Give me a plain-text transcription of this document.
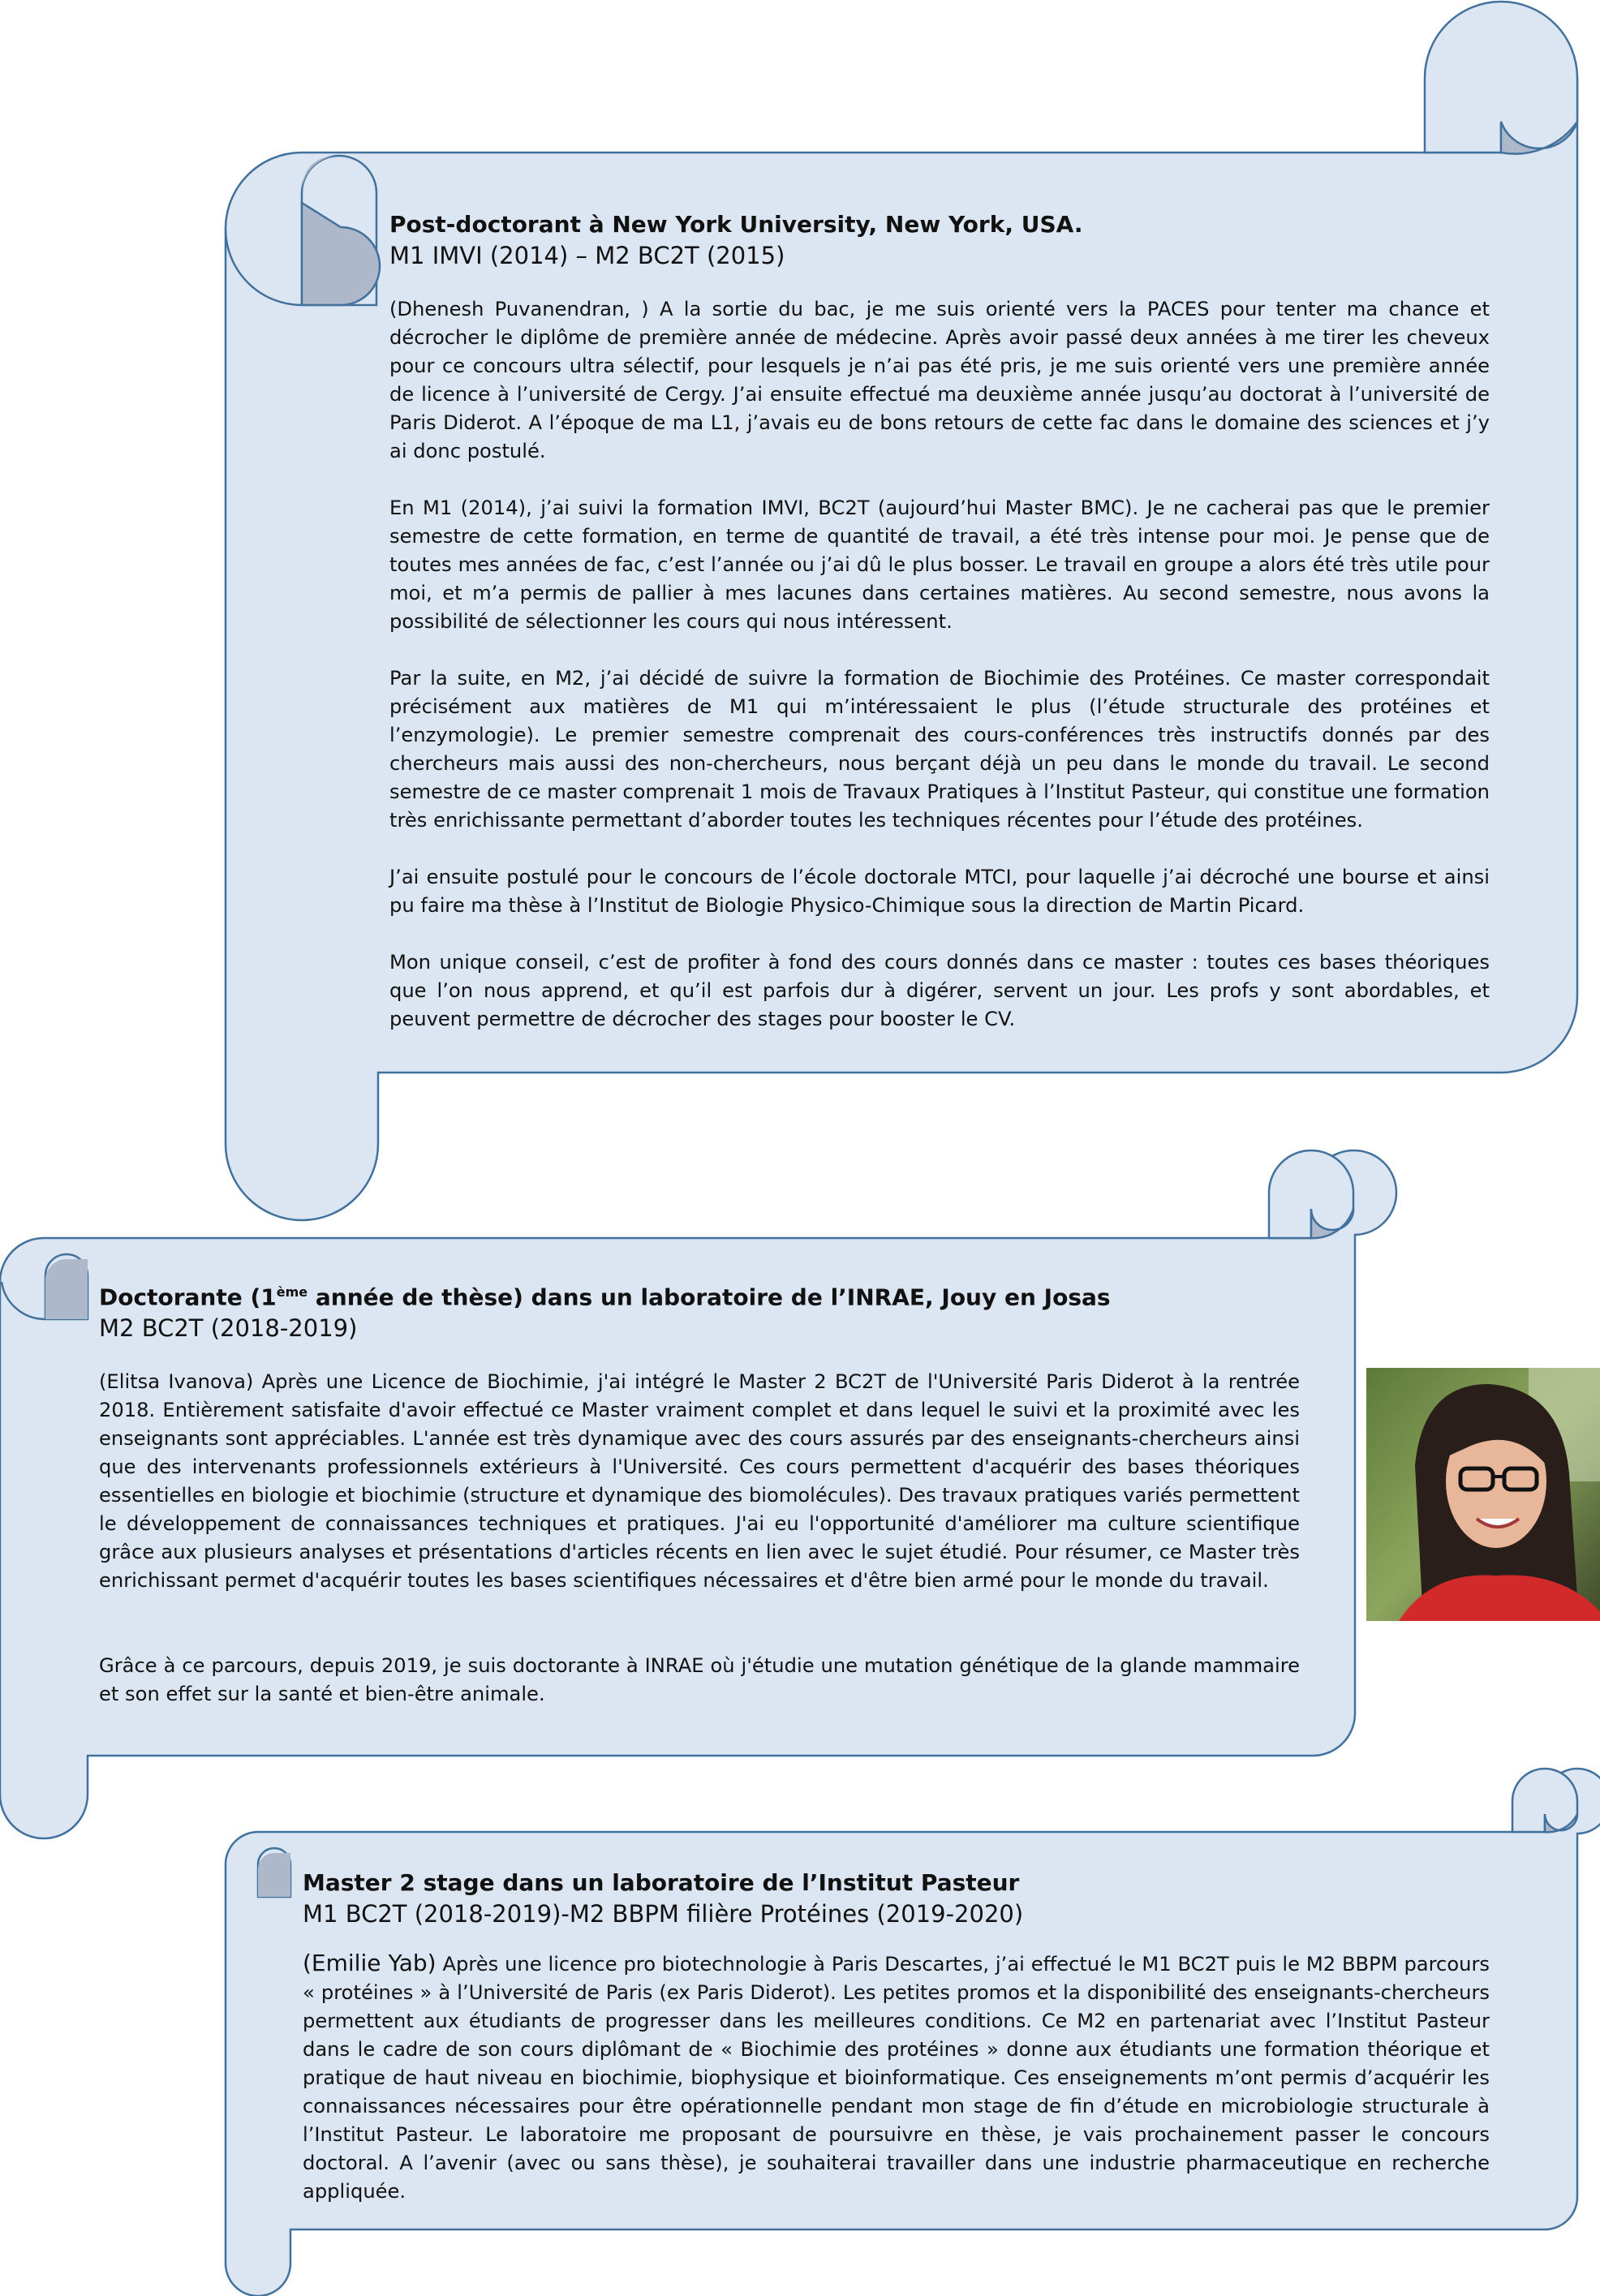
Post-doctorant à New York University, New York, USA.

M1 IMVI (2014) – M2 BC2T (2015)

(Dhenesh Puvanendran, ) A la sortie du bac, je me suis orienté vers la PACES pour tenter ma chance et décrocher le diplôme de première année de médecine. Après avoir passé deux années à me tirer les cheveux pour ce concours ultra sélectif, pour lesquels je n’ai pas été pris, je me suis orienté vers une première année de licence à l’université de Cergy. J’ai ensuite effectué ma deuxième année jusqu’au doctorat à l’université de Paris Diderot. A l’époque de ma L1, j’avais eu de bons retours de cette fac dans le domaine des sciences et j’y ai donc postulé.

En M1 (2014), j’ai suivi la formation IMVI, BC2T (aujourd’hui Master BMC). Je ne cacherai pas que le premier semestre de cette formation, en terme de quantité de travail, a été très intense pour moi. Je pense que de toutes mes années de fac, c’est l’année ou j’ai dû le plus bosser. Le travail en groupe a alors été très utile pour moi, et m’a permis de pallier à mes lacunes dans certaines matières. Au second semestre, nous avons la possibilité de sélectionner les cours qui nous intéressent.

Par la suite, en M2, j’ai décidé de suivre la formation de Biochimie des Protéines. Ce master correspondait précisément aux matières de M1 qui m’intéressaient le plus (l’étude structurale des protéines et l’enzymologie). Le premier semestre comprenait des cours-conférences très instructifs donnés par des chercheurs mais aussi des non-chercheurs, nous berçant déjà un peu dans le monde du travail. Le second semestre de ce master comprenait 1 mois de Travaux Pratiques à l’Institut Pasteur, qui constitue une formation très enrichissante permettant d’aborder toutes les techniques récentes pour l’étude des protéines.

J’ai ensuite postulé pour le concours de l’école doctorale MTCI, pour laquelle j’ai décroché une bourse et ainsi pu faire ma thèse à l’Institut de Biologie Physico-Chimique sous la direction de Martin Picard.

Mon unique conseil, c’est de profiter à fond des cours donnés dans ce master : toutes ces bases théoriques que l’on nous apprend, et qu’il est parfois dur à digérer, servent un jour. Les profs y sont abordables, et peuvent permettre de décrocher des stages pour booster le CV.

Doctorante (1ème année de thèse) dans un laboratoire de l’INRAE, Jouy en Josas

M2 BC2T (2018-2019)

(Elitsa Ivanova) Après une Licence de Biochimie, j'ai intégré le Master 2 BC2T de l'Université Paris Diderot à la rentrée 2018. Entièrement satisfaite d'avoir effectué ce Master vraiment complet et dans lequel le suivi et la proximité avec les enseignants sont appréciables. L'année est très dynamique avec des cours assurés par des enseignants-chercheurs ainsi que des intervenants professionnels extérieurs à l'Université. Ces cours permettent d'acquérir des bases théoriques essentielles en biologie et biochimie (structure et dynamique des biomolécules). Des travaux pratiques variés permettent le développement de connaissances techniques et pratiques. J'ai eu l'opportunité d'améliorer ma culture scientifique grâce aux plusieurs analyses et présentations d'articles récents en lien avec le sujet étudié. Pour résumer, ce Master très enrichissant permet d'acquérir toutes les bases scientifiques nécessaires et d'être bien armé pour le monde du travail.

Grâce à ce parcours, depuis 2019, je suis doctorante à INRAE où j'étudie une mutation génétique de la glande mammaire et son effet sur la santé et bien-être animale.

Master 2 stage dans un laboratoire de l’Institut Pasteur

M1 BC2T (2018-2019)-M2 BBPM filière Protéines (2019-2020)

(Emilie Yab) Après une licence pro biotechnologie à Paris Descartes, j’ai effectué le M1 BC2T puis le M2 BBPM parcours « protéines » à l’Université de Paris (ex Paris Diderot). Les petites promos et la disponibilité des enseignants-chercheurs permettent aux étudiants de progresser dans les meilleures conditions. Ce M2 en partenariat avec l’Institut Pasteur dans le cadre de son cours diplômant de « Biochimie des protéines » donne aux étudiants une formation théorique et pratique de haut niveau en biochimie, biophysique et bioinformatique. Ces enseignements m’ont permis d’acquérir les connaissances nécessaires pour être opérationnelle pendant mon stage de fin d’étude en microbiologie structurale à l’Institut Pasteur. Le laboratoire me proposant de poursuivre en thèse, je vais prochainement passer le concours doctoral. A l’avenir (avec ou sans thèse), je souhaiterai travailler dans une industrie pharmaceutique en recherche appliquée.
